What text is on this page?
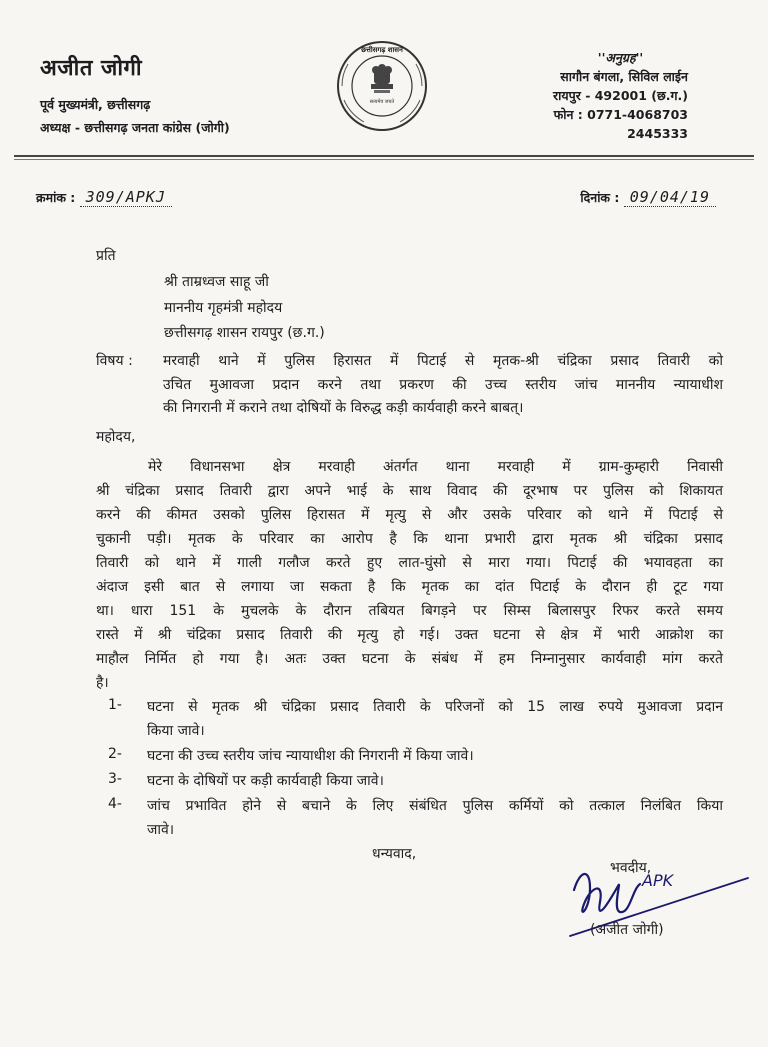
अजीत जोगी
पूर्व मुख्यमंत्री, छत्तीसगढ़
अध्यक्ष - छत्तीसगढ़ जनता कांग्रेस (जोगी)
सत्यमेव जयते
छत्तीसगढ़ शासन	''अनुग्रह''
सागौन बंगला, सिविल लाईन
रायपुर - 492001 (छ.ग.)
फोन : 0771-4068703
2445333
क्रमांक : 309/APKJ	दिनांक : 09/04/19
प्रति
श्री ताम्रध्वज साहू जी
माननीय गृहमंत्री महोदय
छत्तीसगढ़ शासन रायपुर (छ.ग.)
विषय : मरवाही थाने में पुलिस हिरासत में पिटाई से मृतक-श्री चंद्रिका प्रसाद तिवारी को
उचित मुआवजा प्रदान करने तथा प्रकरण की उच्च स्तरीय जांच माननीय न्यायाधीश
की निगरानी में कराने तथा दोषियों के विरुद्ध कड़ी कार्यवाही करने बाबत्।
महोदय,
मेरे विधानसभा क्षेत्र मरवाही अंतर्गत थाना मरवाही में ग्राम-कुम्हारी निवासी
श्री चंद्रिका प्रसाद तिवारी द्वारा अपने भाई के साथ विवाद की दूरभाष पर पुलिस को शिकायत
करने की कीमत उसको पुलिस हिरासत में मृत्यु से और उसके परिवार को थाने में पिटाई से
चुकानी पड़ी। मृतक के परिवार का आरोप है कि थाना प्रभारी द्वारा मृतक श्री चंद्रिका प्रसाद
तिवारी को थाने में गाली गलौज करते हुए लात-घुंसो से मारा गया। पिटाई की भयावहता का
अंदाज इसी बात से लगाया जा सकता है कि मृतक का दांत पिटाई के दौरान ही टूट गया
था। धारा 151 के मुचलके के दौरान तबियत बिगड़ने पर सिम्स बिलासपुर रिफर करते समय
रास्ते में श्री चंद्रिका प्रसाद तिवारी की मृत्यु हो गई। उक्त घटना से क्षेत्र में भारी आक्रोश का
माहौल निर्मित हो गया है। अतः उक्त घटना के संबंध में हम निम्नानुसार कार्यवाही मांग करते
है।
1- घटना से मृतक श्री चंद्रिका प्रसाद तिवारी के परिजनों को 15 लाख रुपये मुआवजा प्रदान
किया जावे।
2- घटना की उच्च स्तरीय जांच न्यायाधीश की निगरानी में किया जावे।
3- घटना के दोषियों पर कड़ी कार्यवाही किया जावे।
4- जांच प्रभावित होने से बचाने के लिए संबंधित पुलिस कर्मियों को तत्काल निलंबित किया
जावे।
धन्यवाद,
भवदीय,
APK
(अजीत जोगी)
